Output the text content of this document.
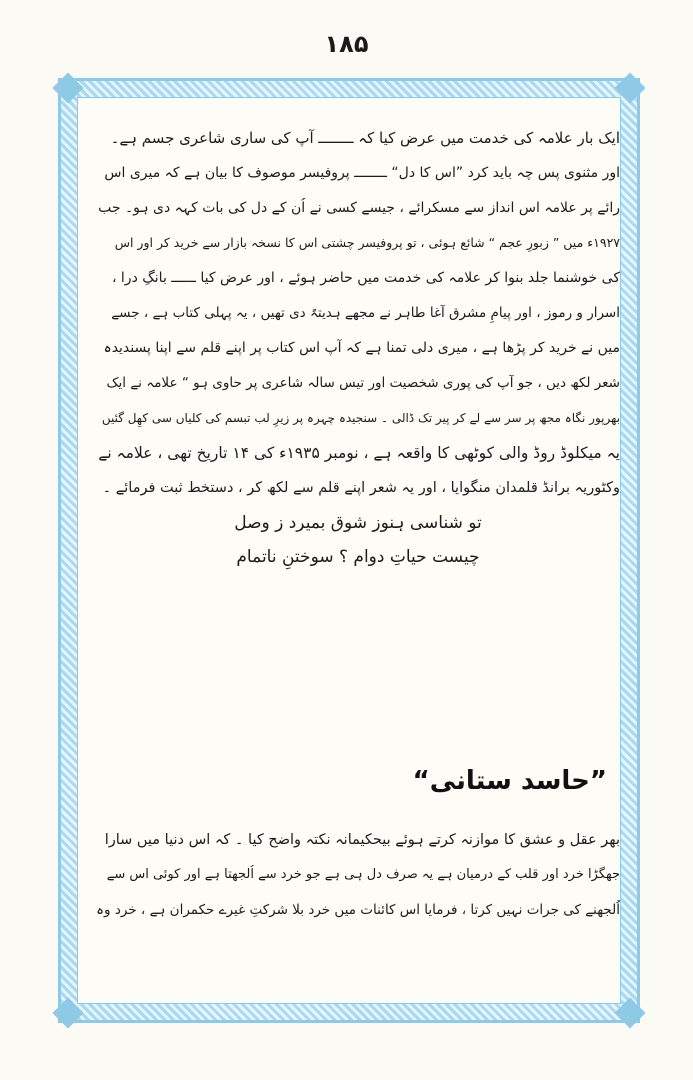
۱۸۵
ایک بار علامہ کی خدمت میں عرض کیا کہ ــــــــ آپ کی ساری شاعری جسم ہے۔
اور مثنوی پس چہ باید کرد ”اس کا دل“ ــــــــ پروفیسر موصوف کا بیان ہے کہ میری اس
رائے پر علامہ اس انداز سے مسکرائے ، جیسے کسی نے اُن کے دل کی بات کہہ دی ہو۔ جب
۱۹۲۷ء میں ” زبورِ عجم “ شائع ہوئی ، تو پروفیسر چشتی اس کا نسخہ بازار سے خرید کر اور اس
کی خوشنما جلد بنوا کر علامہ کی خدمت میں حاضر ہوئے ، اور عرض کیا ــــــ بانگِ درا ،
اسرار و رموز ، اور پیامِ مشرق آغا طاہر نے مجھے ہدیتہً دی تھیں ، یہ پہلی کتاب ہے ، جسے
میں نے خرید کر پڑھا ہے ، میری دلی تمنا ہے کہ آپ اس کتاب پر اپنے قلم سے اپنا پسندیدہ
شعر لکھ دیں ، جو آپ کی پوری شخصیت اور تیس سالہ شاعری پر حاوی ہو “ علامہ نے ایک
بھرپور نگاہ مجھ پر سر سے لے کر پیر تک ڈالی ۔ سنجیدہ چہرہ پر زیرِ لب تبسم کی کلیاں سی کھِل گئیں
یہ میکلوڈ روڈ والی کوٹھی کا واقعہ ہے ، نومبر ۱۹۳۵ء کی ۱۴ تاریخ تھی ، علامہ نے
وکٹوریہ برانڈ قلمدان منگوایا ، اور یہ شعر اپنے قلم سے لکھ کر ، دستخط ثبت فرمائے ۔
تو شناسی ہنوز شوق بمیرد ز وصل
چیست حیاتِ دوام ؟ سوختنِ ناتمام
”حاسد ستانی“
بھر عقل و عشق کا موازنہ کرتے ہوئے بیحکیمانہ نکتہ واضح کیا ۔ کہ اس دنیا میں سارا
جھگڑا خرد اور قلب کے درمیان ہے یہ صرف دل ہی ہے جو خرد سے اُلجھتا ہے اور کوئی اس سے
اُلجھنے کی جرات نہیں کرتا ، فرمایا اس کائنات میں خرد بلا شرکتِ غیرے حکمران ہے ، خرد وہ
